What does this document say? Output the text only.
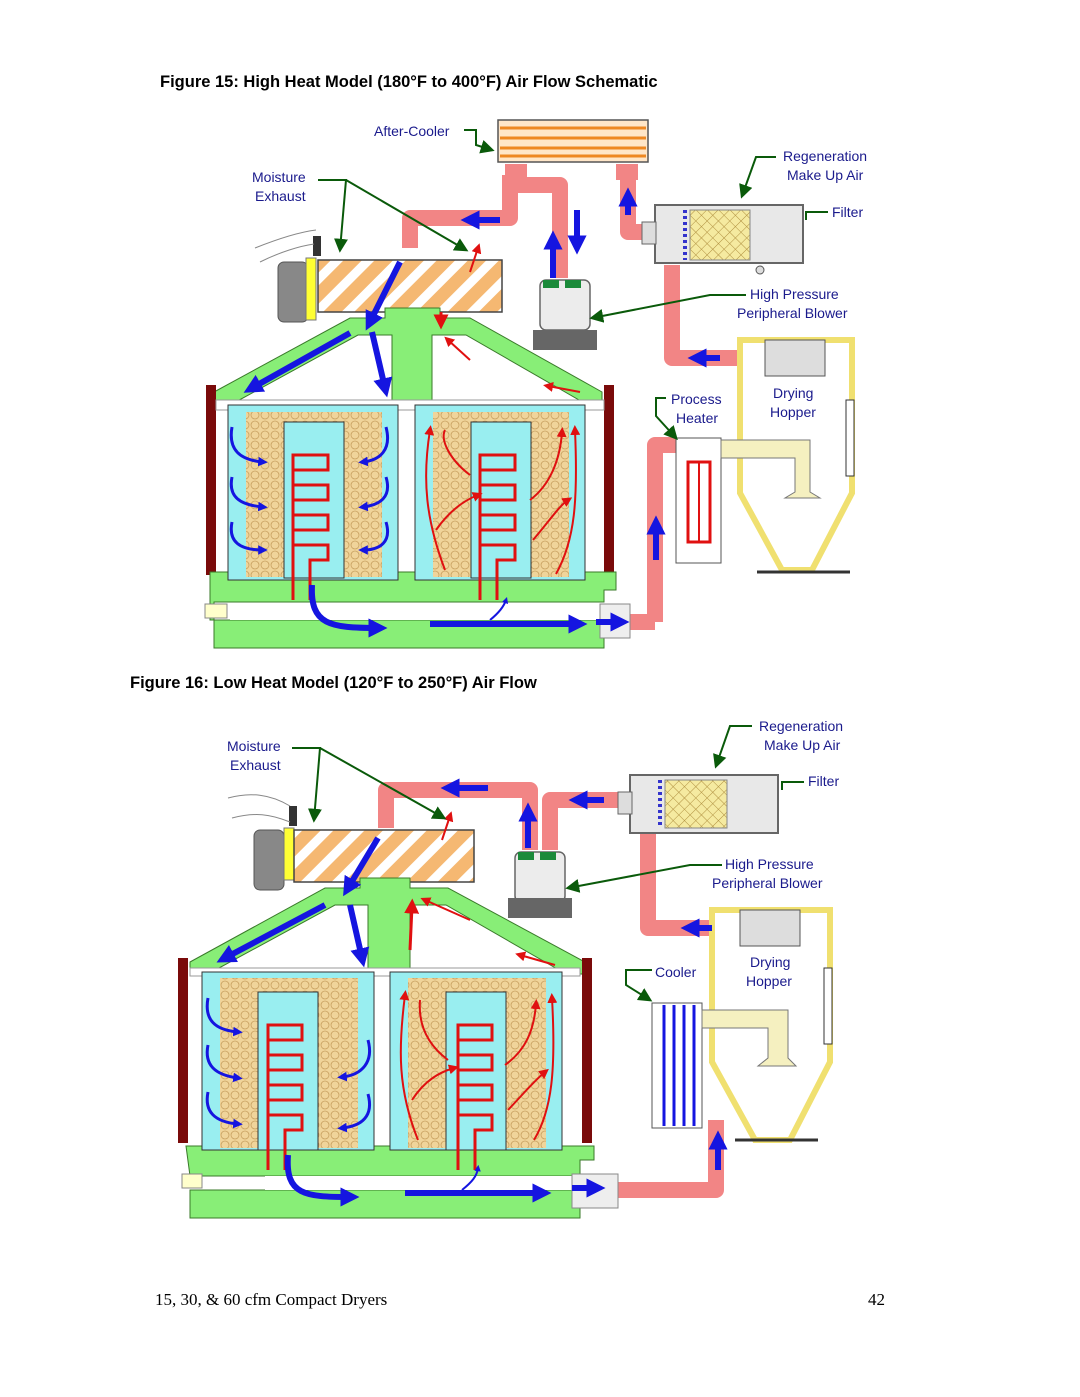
Figure 15: High Heat Model (180°F to 400°F) Air Flow Schematic
Figure 16: Low Heat Model (120°F to 250°F) Air Flow
After-Cooler
Moisture
Exhaust
Regeneration
Make Up Air
Filter
High Pressure
Peripheral Blower
Process
Heater
Drying
Hopper
Moisture
Exhaust
Regeneration
Make Up Air
Filter
High Pressure
Peripheral Blower
Cooler
Drying
Hopper
15, 30, & 60 cfm Compact Dryers	42
